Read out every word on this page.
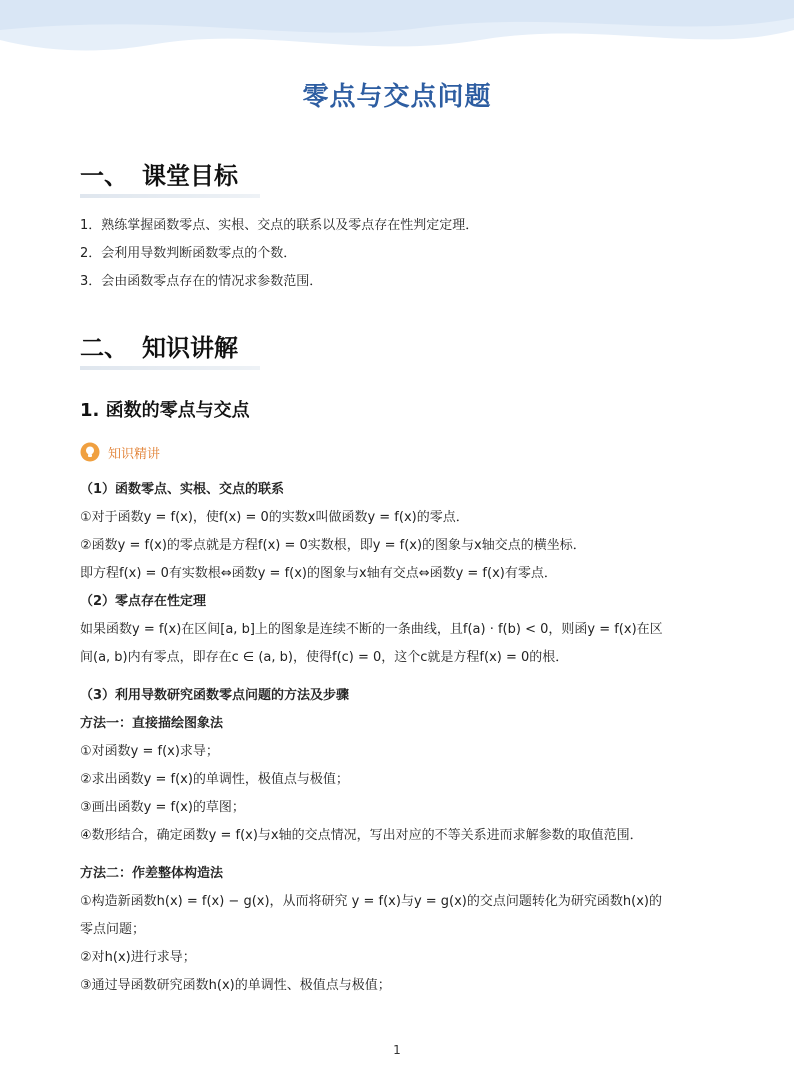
零点与交点问题
一、 课堂目标
1．熟练掌握函数零点、实根、交点的联系以及零点存在性判定定理．
2．会利用导数判断函数零点的个数．
3．会由函数零点存在的情况求参数范围．
二、 知识讲解
1. 函数的零点与交点
知识精讲
（1）函数零点、实根、交点的联系
①对于函数y = f(x)，使f(x) = 0的实数x叫做函数y = f(x)的零点．
②函数y = f(x)的零点就是方程f(x) = 0实数根，即y = f(x)的图象与x轴交点的横坐标．
即方程f(x) = 0有实数根⇔函数y = f(x)的图象与x轴有交点⇔函数y = f(x)有零点．
（2）零点存在性定理
如果函数y = f(x)在区间[a, b]上的图象是连续不断的一条曲线，且f(a) · f(b) < 0，则函y = f(x)在区
间(a, b)内有零点，即存在c ∈ (a, b)，使得f(c) = 0，这个c就是方程f(x) = 0的根．
（3）利用导数研究函数零点问题的方法及步骤
方法一：直接描绘图象法
①对函数y = f(x)求导；
②求出函数y = f(x)的单调性，极值点与极值；
③画出函数y = f(x)的草图；
④数形结合，确定函数y = f(x)与x轴的交点情况，写出对应的不等关系进而求解参数的取值范围．
方法二：作差整体构造法
①构造新函数h(x) = f(x) − g(x)，从而将研究 y = f(x)与y = g(x)的交点问题转化为研究函数h(x)的
零点问题；
②对h(x)进行求导；
③通过导函数研究函数h(x)的单调性、极值点与极值；
1
